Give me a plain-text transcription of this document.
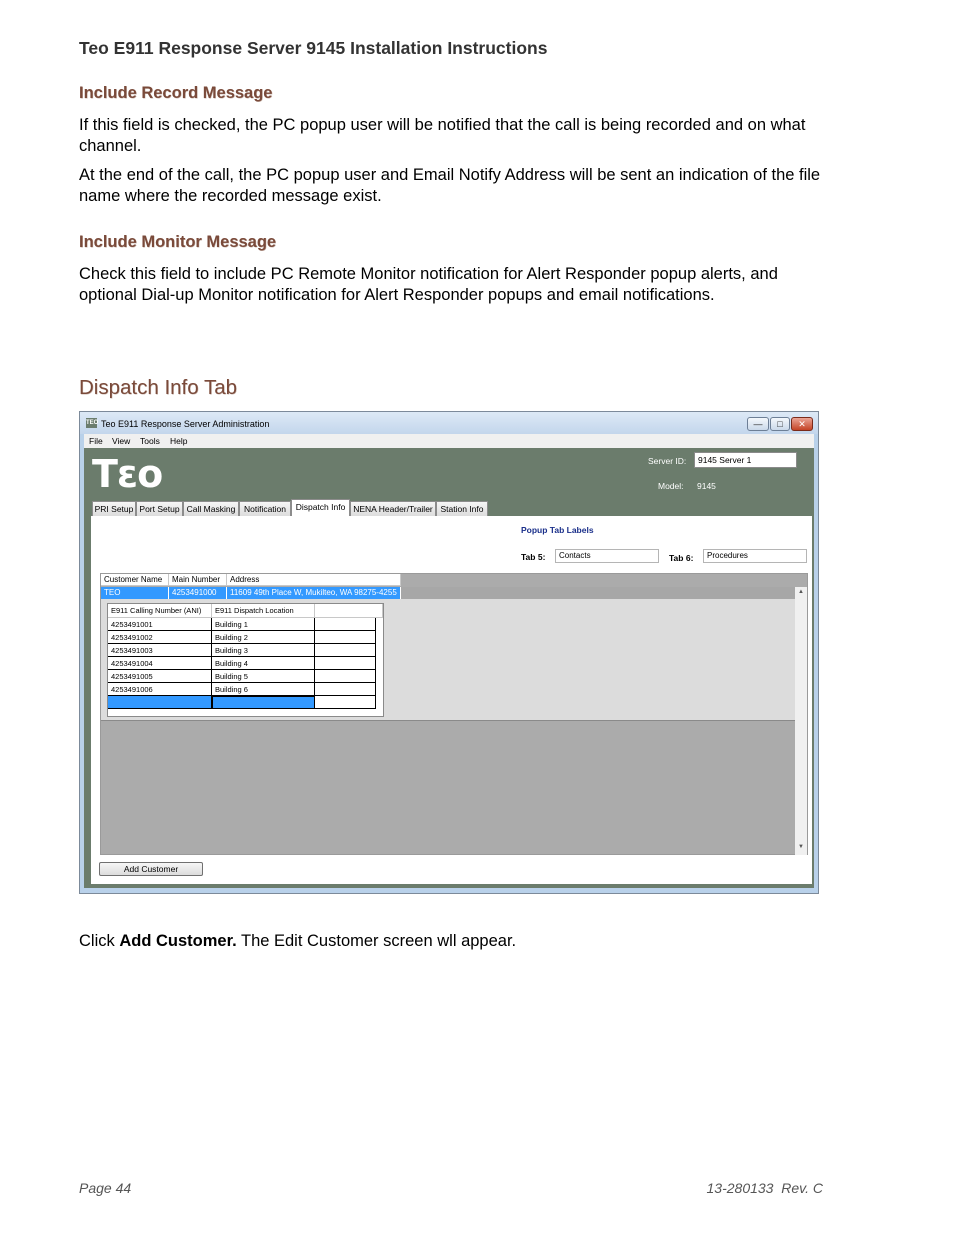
Teo E911 Response Server 9145 Installation Instructions
Include Record Message
If this field is checked, the PC popup user will be notified that the call is being recorded and on what channel.
At the end of the call, the PC popup user and Email Notify Address will be sent an indication of the file name where the recorded message exist.
Include Monitor Message
Check this field to include PC Remote Monitor notification for Alert Responder popup alerts, and optional Dial-up Monitor notification for Alert Responder popups and email notifications.
Dispatch Info Tab
TEO Teo E911 Response Server Administration	—	□	✕
File View Tools Help
Tεo	Server ID:	9145 Server 1
Model: 9145
PRI Setup Port Setup Call Masking	Notification	Dispatch Info NENA Header/Trailer Station Info
Popup Tab Labels
Tab 5:	Contacts	Tab 6:	Procedures
Customer Name	Main Number	Address
TEO	4253491000	11609 49th Place W, Mukilteo, WA 98275-4255
E911 Calling Number (ANI)	E911 Dispatch Location
4253491001	Building 1
4253491002	Building 2
4253491003	Building 3
4253491004	Building 4
4253491005	Building 5
4253491006	Building 6
▲
▼
Add Customer
Click Add Customer. The Edit Customer screen wll appear.
Page 44	13-280133  Rev. C
